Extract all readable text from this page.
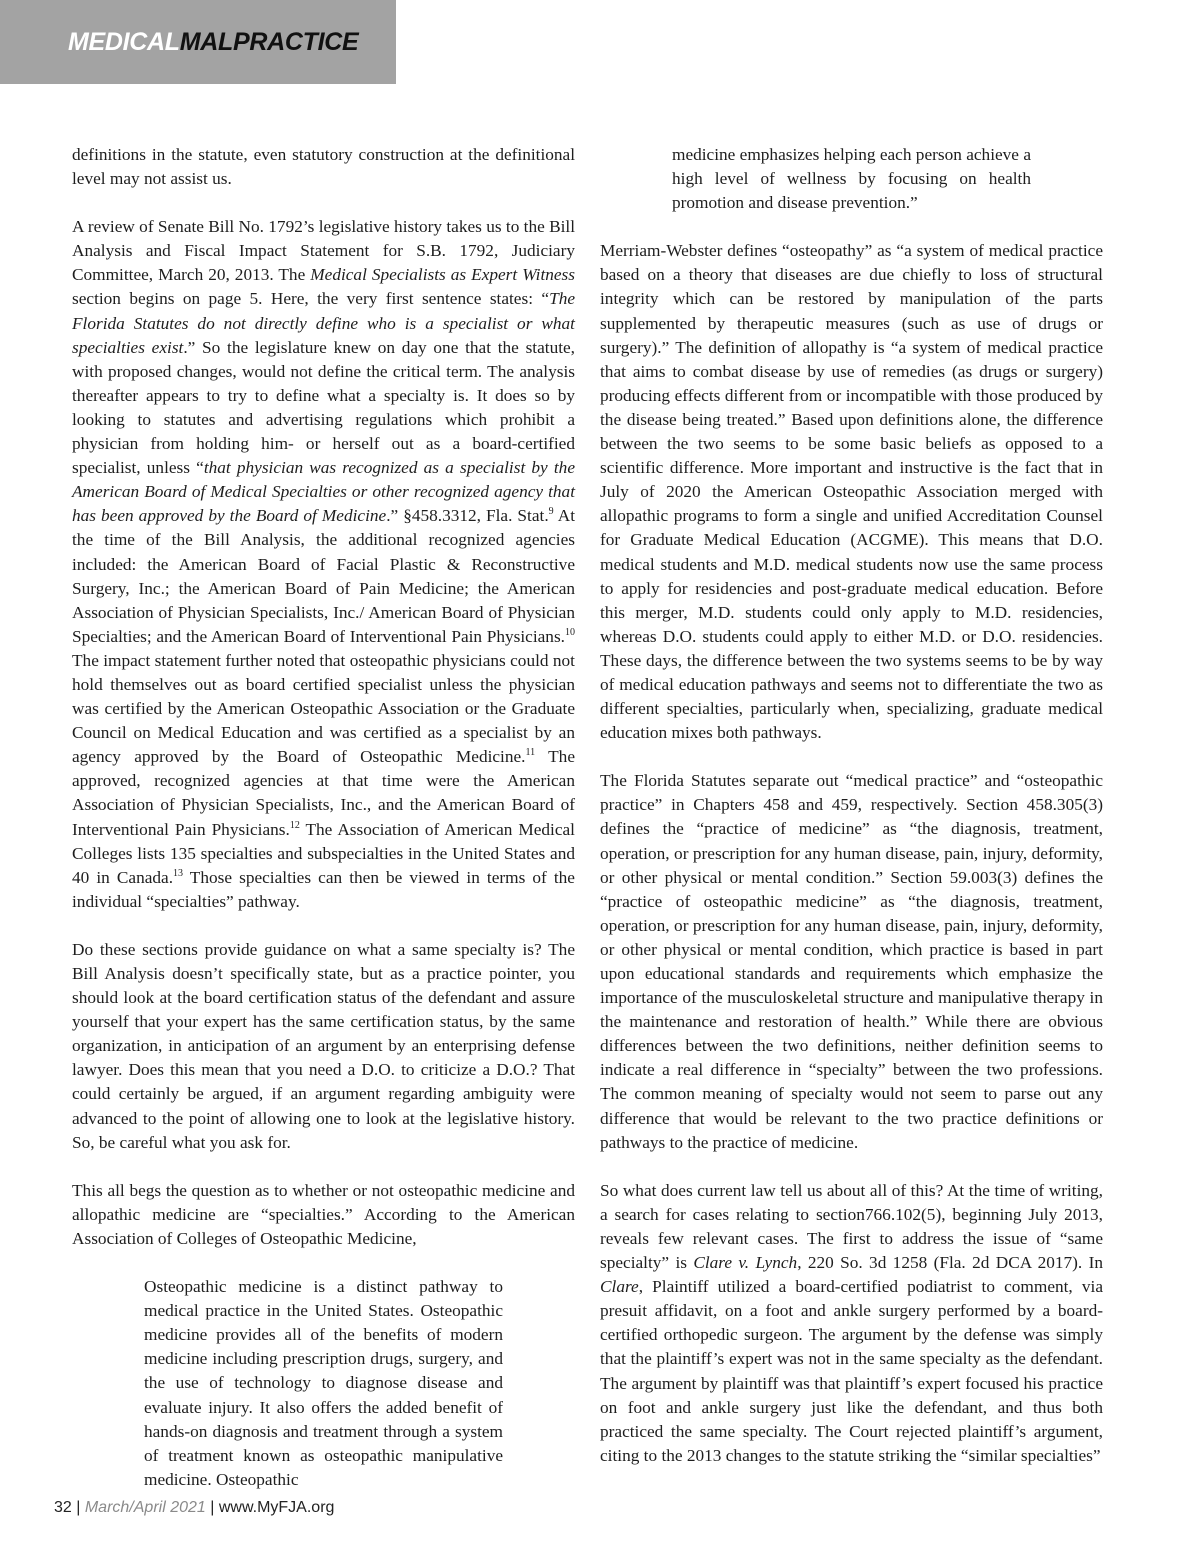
MEDICALMALPRACTICE

definitions in the statute, even statutory construction at the definitional level may not assist us.

A review of Senate Bill No. 1792’s legislative history takes us to the Bill Analysis and Fiscal Impact Statement for S.B. 1792, Judiciary Committee, March 20, 2013. The Medical Specialists as Expert Witness section begins on page 5. Here, the very first sentence states: “The Florida Statutes do not directly define who is a specialist or what specialties exist.” So the legislature knew on day one that the statute, with proposed changes, would not define the critical term. The analysis thereafter appears to try to define what a specialty is. It does so by looking to statutes and advertising regulations which prohibit a physician from holding him- or herself out as a board-certified specialist, unless “that physician was recognized as a specialist by the American Board of Medical Specialties or other recognized agency that has been approved by the Board of Medicine.” §458.3312, Fla. Stat.$^9$ At the time of the Bill Analysis, the additional recognized agencies included: the American Board of Facial Plastic & Reconstructive Surgery, Inc.; the American Board of Pain Medicine; the American Association of Physician Specialists, Inc./ American Board of Physician Specialties; and the American Board of Interventional Pain Physicians.$^{10}$ The impact statement further noted that osteopathic physicians could not hold themselves out as board certified specialist unless the physician was certified by the American Osteopathic Association or the Graduate Council on Medical Education and was certified as a specialist by an agency approved by the Board of Osteopathic Medicine.$^{11}$ The approved, recognized agencies at that time were the American Association of Physician Specialists, Inc., and the American Board of Interventional Pain Physicians.$^{12}$ The Association of American Medical Colleges lists 135 specialties and subspecialties in the United States and 40 in Canada.$^{13}$ Those specialties can then be viewed in terms of the individual “specialties” pathway.

Do these sections provide guidance on what a same specialty is? The Bill Analysis doesn’t specifically state, but as a practice pointer, you should look at the board certification status of the defendant and assure yourself that your expert has the same certification status, by the same organization, in anticipation of an argument by an enterprising defense lawyer. Does this mean that you need a D.O. to criticize a D.O.? That could certainly be argued, if an argument regarding ambiguity were advanced to the point of allowing one to look at the legislative history. So, be careful what you ask for.

This all begs the question as to whether or not osteopathic medicine and allopathic medicine are “specialties.” According to the American Association of Colleges of Osteopathic Medicine,

Osteopathic medicine is a distinct pathway to medical practice in the United States. Osteopathic medicine provides all of the benefits of modern medicine including prescription drugs, surgery, and the use of technology to diagnose disease and evaluate injury. It also offers the added benefit of hands-on diagnosis and treatment through a system of treatment known as osteopathic manipulative medicine. Osteopathic

medicine emphasizes helping each person achieve a high level of wellness by focusing on health promotion and disease prevention.”

Merriam-Webster defines “osteopathy” as “a system of medical practice based on a theory that diseases are due chiefly to loss of structural integrity which can be restored by manipulation of the parts supplemented by therapeutic measures (such as use of drugs or surgery).” The definition of allopathy is “a system of medical practice that aims to combat disease by use of remedies (as drugs or surgery) producing effects different from or incompatible with those produced by the disease being treated.” Based upon definitions alone, the difference between the two seems to be some basic beliefs as opposed to a scientific difference. More important and instructive is the fact that in July of 2020 the American Osteopathic Association merged with allopathic programs to form a single and unified Accreditation Counsel for Graduate Medical Education (ACGME). This means that D.O. medical students and M.D. medical students now use the same process to apply for residencies and post-graduate medical education. Before this merger, M.D. students could only apply to M.D. residencies, whereas D.O. students could apply to either M.D. or D.O. residencies. These days, the difference between the two systems seems to be by way of medical education pathways and seems not to differentiate the two as different specialties, particularly when, specializing, graduate medical education mixes both pathways.

The Florida Statutes separate out “medical practice” and “osteopathic practice” in Chapters 458 and 459, respectively. Section 458.305(3) defines the “practice of medicine” as “the diagnosis, treatment, operation, or prescription for any human disease, pain, injury, deformity, or other physical or mental condition.” Section 59.003(3) defines the “practice of osteopathic medicine” as “the diagnosis, treatment, operation, or prescription for any human disease, pain, injury, deformity, or other physical or mental condition, which practice is based in part upon educational standards and requirements which emphasize the importance of the musculoskeletal structure and manipulative therapy in the maintenance and restoration of health.” While there are obvious differences between the two definitions, neither definition seems to indicate a real difference in “specialty” between the two professions. The common meaning of specialty would not seem to parse out any difference that would be relevant to the two practice definitions or pathways to the practice of medicine.

So what does current law tell us about all of this? At the time of writing, a search for cases relating to section766.102(5), beginning July 2013, reveals few relevant cases. The first to address the issue of “same specialty” is Clare v. Lynch, 220 So. 3d 1258 (Fla. 2d DCA 2017). In Clare, Plaintiff utilized a board-certified podiatrist to comment, via presuit affidavit, on a foot and ankle surgery performed by a board-certified orthopedic surgeon. The argument by the defense was simply that the plaintiff’s expert was not in the same specialty as the defendant. The argument by plaintiff was that plaintiff’s expert focused his practice on foot and ankle surgery just like the defendant, and thus both practiced the same specialty. The Court rejected plaintiff’s argument, citing to the 2013 changes to the statute striking the “similar specialties”

32 | March/April 2021 | www.MyFJA.org
